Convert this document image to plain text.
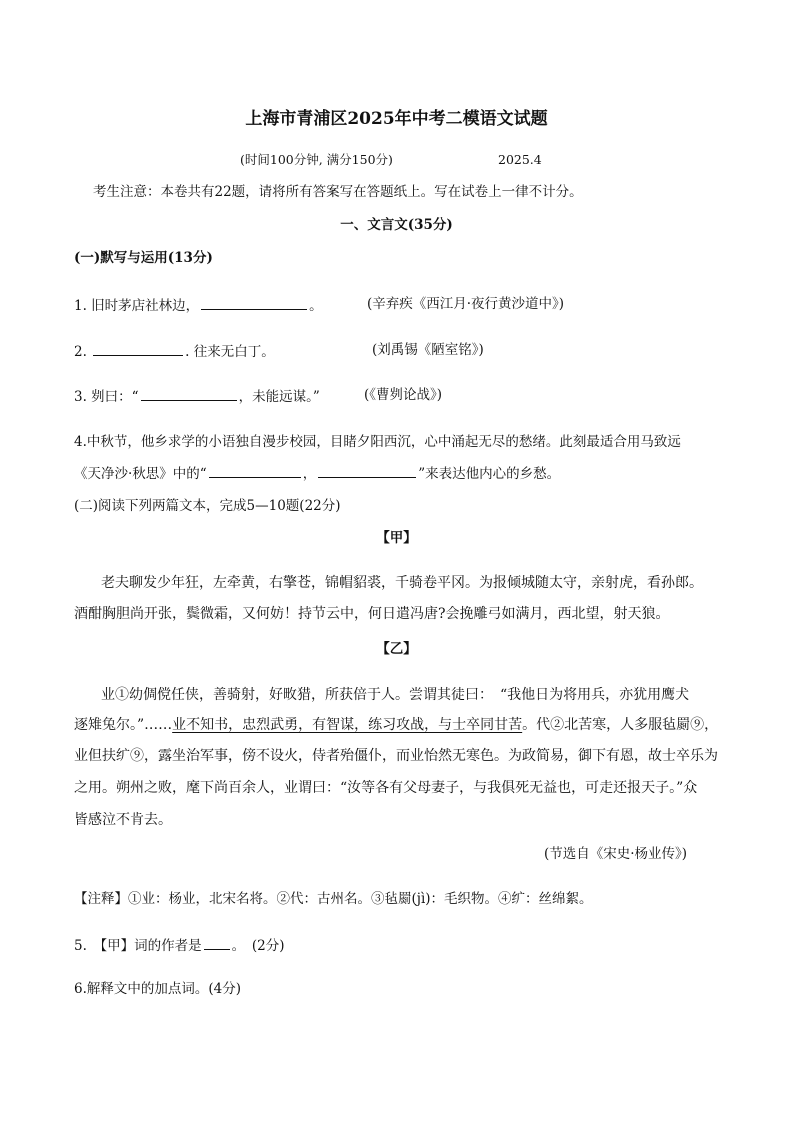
上海市青浦区2025年中考二模语文试题
(时间100分钟, 满分150分)	2025.4
考生注意：本卷共有22题，请将所有答案写在答题纸上。写在试卷上一律不计分。
一、文言文(35分)
(一)默写与运用(13分)
1. 旧时茅店社林边，	。	(辛弃疾《西江月·夜行黄沙道中》)
2.	. 往来无白丁。	(刘禹锡《陋室铭》)
3. 刿曰：“	，未能远谋。”	(《曹刿论战》)
4.中秋节，他乡求学的小语独自漫步校园，目睹夕阳西沉，心中涌起无尽的愁绪。此刻最适合用马致远
《天净沙·秋思》中的“	，	”来表达他内心的乡愁。
(二)阅读下列两篇文本，完成5—10题(22分)
【甲】
老夫聊发少年狂，左牵黄，右擎苍，锦帽貂裘，千骑卷平冈。为报倾城随太守，亲射虎，看孙郎。
酒酣胸胆尚开张，鬓微霜，又何妨！持节云中，何日遣冯唐?会挽雕弓如满月，西北望，射天狼。
【乙】
业①幼倜傥任侠，善骑射，好畋猎，所获倍于人。尝谓其徒曰：　“我他日为将用兵，亦犹用鹰犬
逐雉兔尔。”……业不知书，忠烈武勇，有智谋，练习攻战，与士卒同甘苦。代②北苦寒，人多服毡罽⑨，
业但扶纩⑨，露坐治军事，傍不设火，侍者殆僵仆，而业怡然无寒色。为政简易，御下有恩，故士卒乐为
之用。朔州之败，麾下尚百余人，业谓曰：“汝等各有父母妻子，与我俱死无益也，可走还报天子。”众
皆感泣不肯去。
(节选自《宋史·杨业传》)
【注释】①业：杨业，北宋名将。②代：古州名。③毡罽(jì)：毛织物。④纩：丝绵絮。
5.　【甲】词的作者是 。　(2分)
6.解释文中的加点词。(4分)
